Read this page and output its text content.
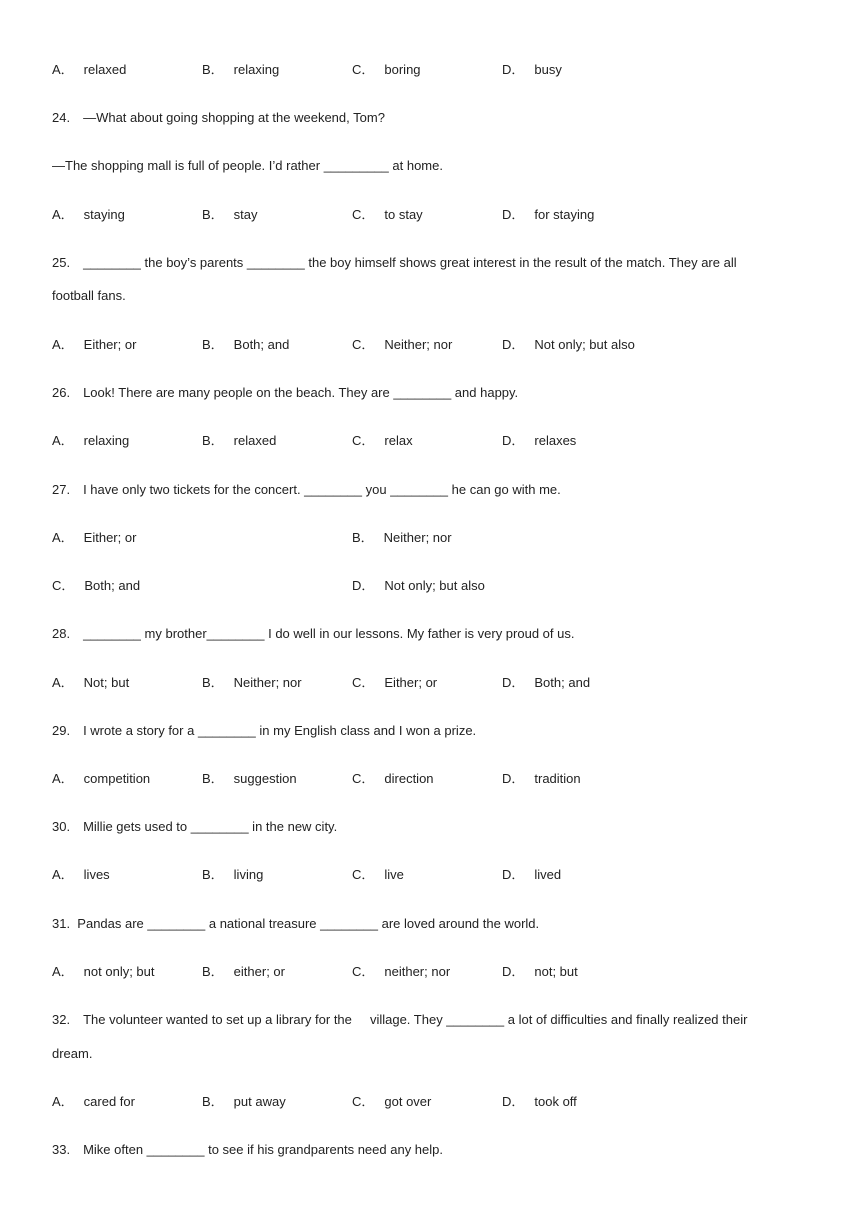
A． relaxed	B． relaxing	C． boring	D． busy
24.　—What about going shopping at the weekend, Tom?
—The shopping mall is full of people. I’d rather _________ at home.
A． staying	B． stay	C． to stay	D． for staying
25.　________ the boy’s parents ________ the boy himself shows great interest in the result of the match. They are all
football fans.
A． Either; or	B． Both; and	C． Neither; nor	D． Not only; but also
26.　Look! There are many people on the beach. They are ________ and happy.
A． relaxing	B． relaxed	C． relax	D． relaxes
27.　I have only two tickets for the concert. ________ you ________ he can go with me.
A． Either; or	B． Neither; nor
C． Both; and	D． Not only; but also
28.　________ my brother________ I do well in our lessons. My father is very proud of us.
A． Not; but	B． Neither; nor	C． Either; or	D． Both; and
29.　I wrote a story for a ________ in my English class and I won a prize.
A． competition	B． suggestion	C． direction	D． tradition
30.　Millie gets used to ________ in the new city.
A． lives	B． living	C． live	D． lived
31.  Pandas are ________ a national treasure ________ are loved around the world.
A． not only; but	B． either; or	C． neither; nor	D． not; but
32.　The volunteer wanted to set up a library for the     village. They ________ a lot of difficulties and finally realized their
dream.
A． cared for	B． put away	C． got over	D． took off
33.　Mike often ________ to see if his grandparents need any help.
